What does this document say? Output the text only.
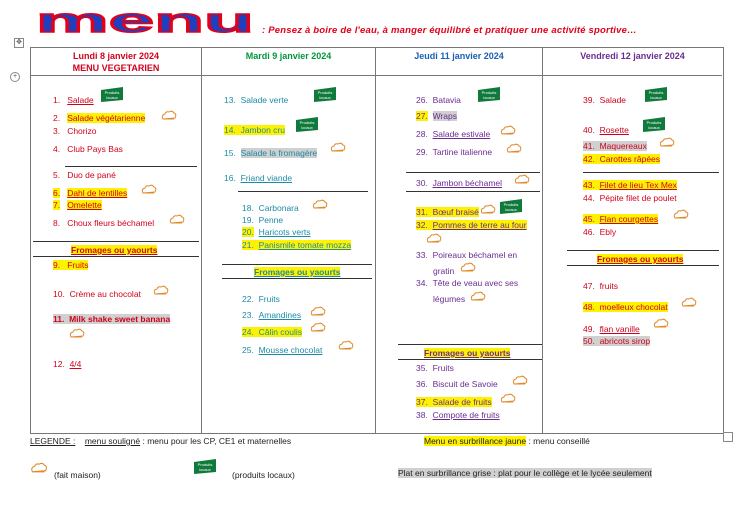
menu : Pensez à boire de l'eau, à manger équilibré et pratiquer une activité sportive…
✥
+
Lundi 8 janvier 2024
MENU VEGETARIEN
1. Salade
Produits
locaux
2. Salade végétarienne
3. Chorizo
4. Club Pays Bas
5. Duo de pané
6. Dahl de lentilles
7. Omelette
8. Choux fleurs béchamel
Fromages ou yaourts
9. Fruits
10. Crème au chocolat
11. Milk shake sweet banana
12. 4/4
Mardi 9 janvier 2024
13. Salade verte
Produits
locaux
14. Jambon cru
Produits
locaux
15. Salade la fromagère
16. Friand viande
18. Carbonara
19. Penne
20. Haricots verts
21. Panismile tomate mozza
Fromages ou yaourts
22. Fruits
23. Amandines
24. Câlin coulis
25. Mousse chocolat
Jeudi 11 janvier 2024
26. Batavia
Produits
locaux
27. Wraps
28. Salade estivale
29. Tartine italienne
30. Jambon béchamel
31. Bœuf braisé
Produits
locaux
32. Pommes de terre au four
33. Poireaux béchamel en
gratin
34. Tête de veau avec ses
légumes
Fromages ou yaourts
35. Fruits
36. Biscuit de Savoie
37. Salade de fruits
38. Compote de fruits
Vendredi 12 janvier 2024
39. Salade
Produits
locaux
40. Rosette
Produits
locaux
41. Maquereaux
42. Carottes râpées
43. Filet de lieu Tex Mex
44. Pépite filet de poulet
45. Flan courgettes
46. Ebly
Fromages ou yaourts
47. fruits
48. moelleux chocolat
49. flan vanille
50. abricots sirop
LEGENDE : menu souligné : menu pour les CP, CE1 et maternelles	Menu en surbrillance jaune : menu conseillé
(fait maison)
Produits
locaux
(produits locaux)	Plat en surbrillance grise : plat pour le collège et le lycée seulement
